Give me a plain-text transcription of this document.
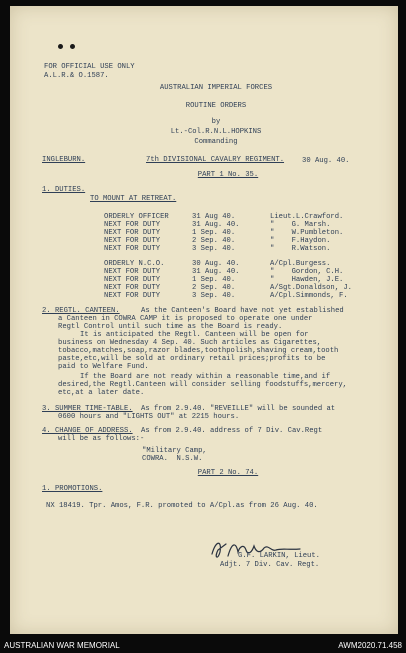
FOR OFFICIAL USE ONLY
A.L.R.& O.1587.
AUSTRALIAN IMPERIAL FORCES
ROUTINE ORDERS
by
Lt.-Col.R.N.L.HOPKINS
Commanding
INGLEBURN.	7th DIVISIONAL CAVALRY REGIMENT. 30 Aug. 40.
PART 1 No. 35.
1. DUTIES.
TO MOUNT AT RETREAT.
ORDERLY OFFICER	31 Aug 40.	Lieut.L.Crawford.
NEXT FOR DUTY	31 Aug. 40.	"    G. Marsh.
NEXT FOR DUTY	1 Sep. 40.	"    W.Pumbleton.
NEXT FOR DUTY	2 Sep. 40.	"    F.Haydon.
NEXT FOR DUTY	3 Sep. 40.	"    R.Watson.
ORDERLY N.C.O.	30 Aug. 40.	A/Cpl.Burgess.
NEXT FOR DUTY	31 Aug. 40.	"    Gordon, C.H.
NEXT FOR DUTY	1 Sep. 40.	"    Hawden, J.E.
NEXT FOR DUTY	2 Sep. 40.	A/Sgt.Donaldson, J.
NEXT FOR DUTY	3 Sep. 40.	A/Cpl.Simmonds, F.
2. REGTL. CANTEEN.	As the Canteen's Board have not yet established
a Canteen in COWRA CAMP it is proposed to operate one under
Regtl Control until such time as the Board is ready.
It is anticipated the Regtl. Canteen will be open for
business on Wednesday 4 Sep. 40. Such articles as Cigarettes,
tobacco,matches,soap,razor blades,toothpolish,shaving cream,tooth
paste,etc,will be sold at ordinary retail prices;profits to be
paid to Welfare Fund.
If the Board are not ready within a reasonable time,and if
desired,the Regtl.Canteen will consider selling foodstuffs,mercery,
etc,at a later date.
3. SUMMER TIME-TABLE. As from 2.9.40. "REVEILLE" will be sounded at
0600 hours and "LIGHTS OUT" at 2215 hours.
4. CHANGE OF ADDRESS. As from 2.9.40. address of 7 Div. Cav.Regt
will be as follows:-
"Military Camp,
COWRA.  N.S.W.
PART 2 No. 74.
1. PROMOTIONS.
NX 18419. Tpr. Amos, F.R. promoted to A/Cpl.as from 26 Aug. 40.
G.F. LARKIN, Lieut.
Adjt. 7 Div. Cav. Regt.
AUSTRALIAN WAR MEMORIAL	AWM2020.71.458
